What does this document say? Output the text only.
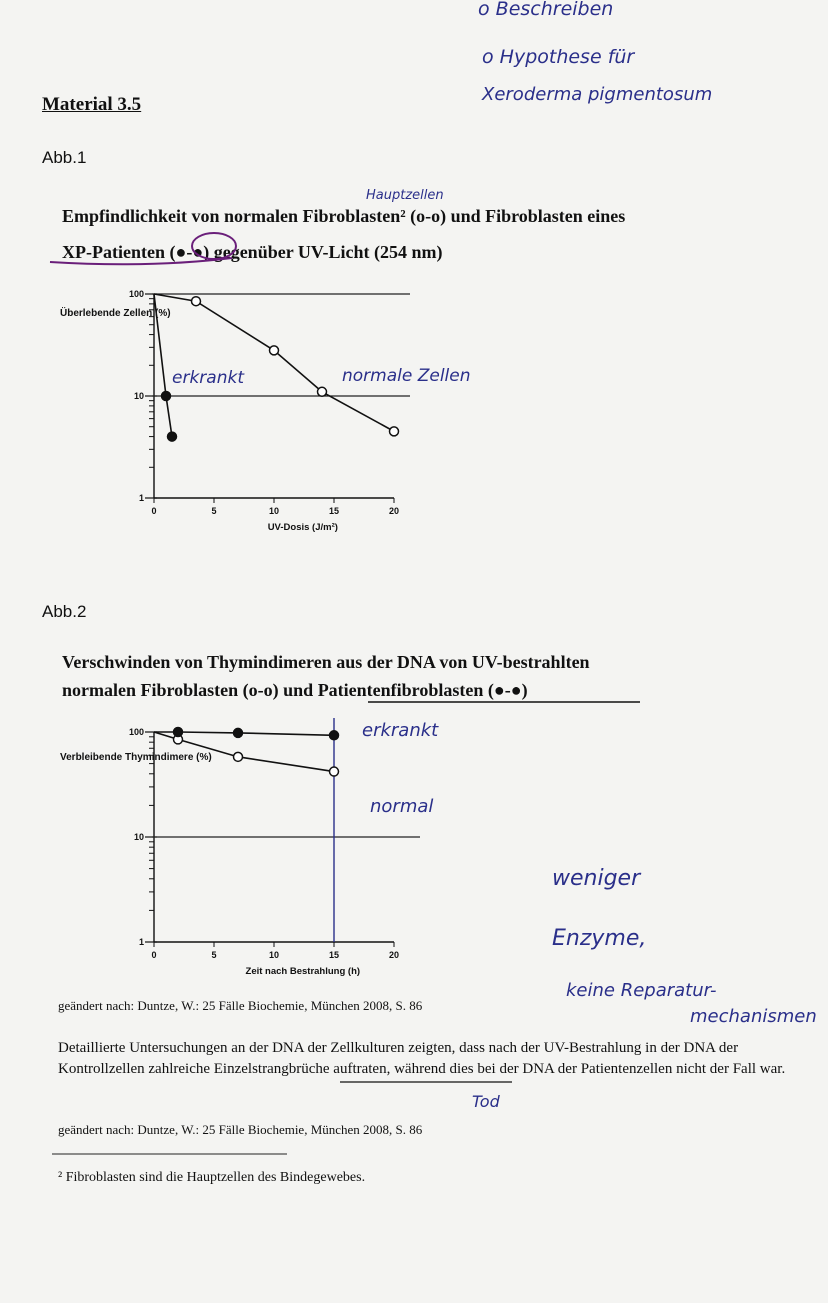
o Beschreiben
o Hypothese für
Xeroderma pigmentosum
Material 3.5
Abb.1
Hauptzellen
Empfindlichkeit von normalen Fibroblasten² (o-o) und Fibroblasten eines
XP-Patienten (●-●) gegenüber UV-Licht (254 nm)
Überlebende Zellen (%)
100
10
1
0	5	10	15	20
UV-Dosis (J/m²)
erkrankt	normale Zellen
Abb.2
Verschwinden von Thymindimeren aus der DNA von UV-bestrahlten
normalen Fibroblasten (o-o) und Patientenfibroblasten (●-●)
Verbleibende Thymindimere (%)
100
10
1
0	5	10	15	20
Zeit nach Bestrahlung (h)
erkrankt
normal
geändert nach: Duntze, W.: 25 Fälle Biochemie, München 2008, S. 86
weniger
Enzyme,
keine Reparatur-
mechanismen
Detaillierte Untersuchungen an der DNA der Zellkulturen zeigten, dass nach der UV-Bestrahlung in der DNA der Kontrollzellen zahlreiche Einzelstrangbrüche auftraten, während dies bei der DNA der Patientenzellen nicht der Fall war.
Tod
geändert nach: Duntze, W.: 25 Fälle Biochemie, München 2008, S. 86
² Fibroblasten sind die Hauptzellen des Bindegewebes.
